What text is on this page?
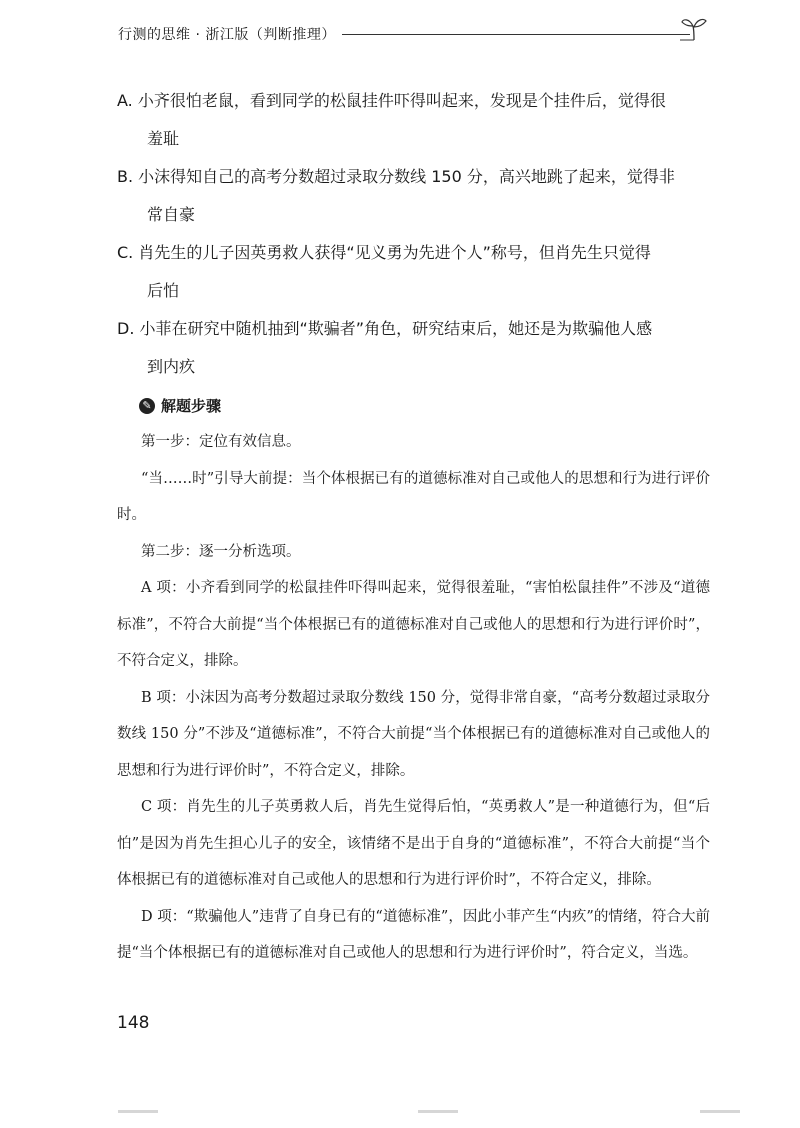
行测的思维 · 浙江版（判断推理）
A. 小齐很怕老鼠，看到同学的松鼠挂件吓得叫起来，发现是个挂件后，觉得很
羞耻
B. 小沫得知自己的高考分数超过录取分数线 150 分，高兴地跳了起来，觉得非
常自豪
C. 肖先生的儿子因英勇救人获得“见义勇为先进个人”称号，但肖先生只觉得
后怕
D. 小菲在研究中随机抽到“欺骗者”角色，研究结束后，她还是为欺骗他人感
到内疚
✎ 解题步骤

第一步：定位有效信息。

“当……时”引导大前提：当个体根据已有的道德标准对自己或他人的思想和行为进行评价时。

第二步：逐一分析选项。

A 项：小齐看到同学的松鼠挂件吓得叫起来，觉得很羞耻，“害怕松鼠挂件”不涉及“道德标准”，不符合大前提“当个体根据已有的道德标准对自己或他人的思想和行为进行评价时”，不符合定义，排除。

B 项：小沫因为高考分数超过录取分数线 150 分，觉得非常自豪，“高考分数超过录取分数线 150 分”不涉及“道德标准”，不符合大前提“当个体根据已有的道德标准对自己或他人的思想和行为进行评价时”，不符合定义，排除。

C 项：肖先生的儿子英勇救人后，肖先生觉得后怕，“英勇救人”是一种道德行为，但“后怕”是因为肖先生担心儿子的安全，该情绪不是出于自身的“道德标准”，不符合大前提“当个体根据已有的道德标准对自己或他人的思想和行为进行评价时”，不符合定义，排除。

D 项：“欺骗他人”违背了自身已有的“道德标准”，因此小菲产生“内疚”的情绪，符合大前提“当个体根据已有的道德标准对自己或他人的思想和行为进行评价时”，符合定义，当选。

148
